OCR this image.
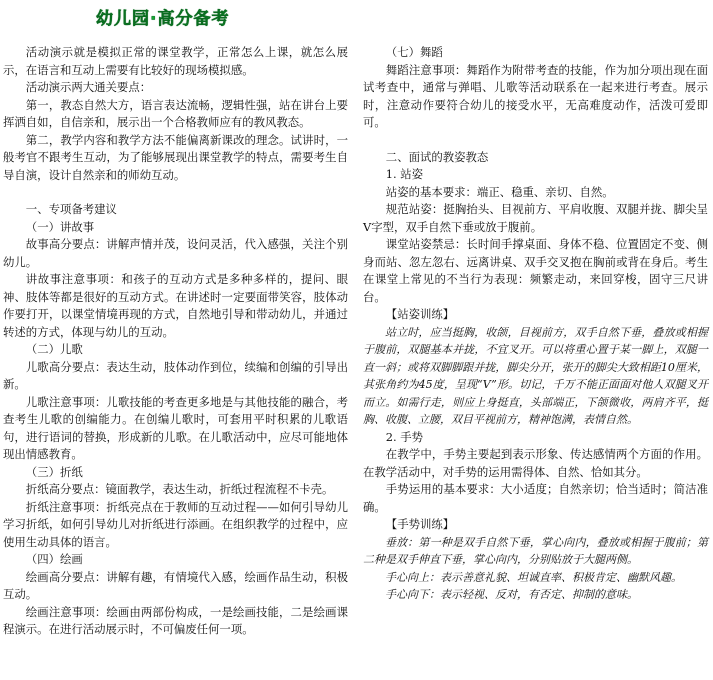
幼儿园·高分备考

活动演示就是模拟正常的课堂教学，正常怎么上课，就怎么展示，在语言和互动上需要有比较好的现场模拟感。

活动演示两大通关要点：

第一，教态自然大方，语言表达流畅，逻辑性强，站在讲台上要挥洒自如，自信亲和，展示出一个合格教师应有的教风教态。

第二，教学内容和教学方法不能偏离新课改的理念。试讲时，一般考官不跟考生互动，为了能够展现出课堂教学的特点，需要考生自导自演，设计自然亲和的师幼互动。

一、专项备考建议

（一）讲故事

故事高分要点：讲解声情并茂，设问灵活，代入感强，关注个别幼儿。

讲故事注意事项：和孩子的互动方式是多种多样的，提问、眼神、肢体等都是很好的互动方式。在讲述时一定要面带笑容，肢体动作要打开，以课堂情境再现的方式，自然地引导和带动幼儿，并通过转述的方式，体现与幼儿的互动。

（二）儿歌

儿歌高分要点：表达生动，肢体动作到位，续编和创编的引导出新。

儿歌注意事项：儿歌技能的考查更多地是与其他技能的融合，考查考生儿歌的创编能力。在创编儿歌时，可套用平时积累的儿歌语句，进行语词的替换，形成新的儿歌。在儿歌活动中，应尽可能地体现出情感教育。

（三）折纸

折纸高分要点：镜面教学，表达生动，折纸过程流程不卡壳。

折纸注意事项：折纸亮点在于教师的互动过程——如何引导幼儿学习折纸，如何引导幼儿对折纸进行添画。在组织教学的过程中，应使用生动具体的语言。

（四）绘画

绘画高分要点：讲解有趣，有情境代入感，绘画作品生动，积极互动。

绘画注意事项：绘画由两部份构成，一是绘画技能，二是绘画课程演示。在进行活动展示时，不可偏废任何一项。

（七）舞蹈

舞蹈注意事项：舞蹈作为附带考查的技能，作为加分项出现在面试考查中，通常与弹唱、儿歌等活动联系在一起来进行考查。展示时，注意动作要符合幼儿的接受水平，无高难度动作，活泼可爱即可。

二、面试的教姿教态

1. 站姿

站姿的基本要求：端正、稳重、亲切、自然。

规范站姿：挺胸抬头、目视前方、平肩收腹、双腿并拢、脚尖呈V字型，双手自然下垂或放于腹前。

课堂站姿禁忌：长时间手撑桌面、身体不稳、位置固定不变、侧身而站、忽左忽右、远离讲桌、双手交叉抱在胸前或背在身后。考生在课堂上常见的不当行为表现：频繁走动，来回穿梭，固守三尺讲台。

【站姿训练】

站立时，应当挺胸，收颌，目视前方，双手自然下垂，叠放或相握于腹前，双腿基本并拢，不宜叉开。可以将重心置于某一脚上，双腿一直一斜；或将双脚脚跟并拢，脚尖分开，张开的脚尖大致相距10厘米，其张角约为45度，呈现“V”形。切记，千万不能正面面对他人双腿叉开而立。如需行走，则应上身挺直，头部端正，下颌微收，两肩齐平，挺胸、收腹、立腰，双目平视前方，精神饱满，表情自然。

2. 手势

在教学中，手势主要起到表示形象、传达感情两个方面的作用。在教学活动中，对手势的运用需得体、自然、恰如其分。

手势运用的基本要求：大小适度；自然亲切；恰当适时；简洁准确。

【手势训练】

垂放：第一种是双手自然下垂，掌心向内，叠放或相握于腹前；第二种是双手伸直下垂，掌心向内，分别贴放于大腿两侧。

手心向上：表示善意礼貌、坦诚直率、积极肯定、幽默风趣。

手心向下：表示轻视、反对，有否定、抑制的意味。
